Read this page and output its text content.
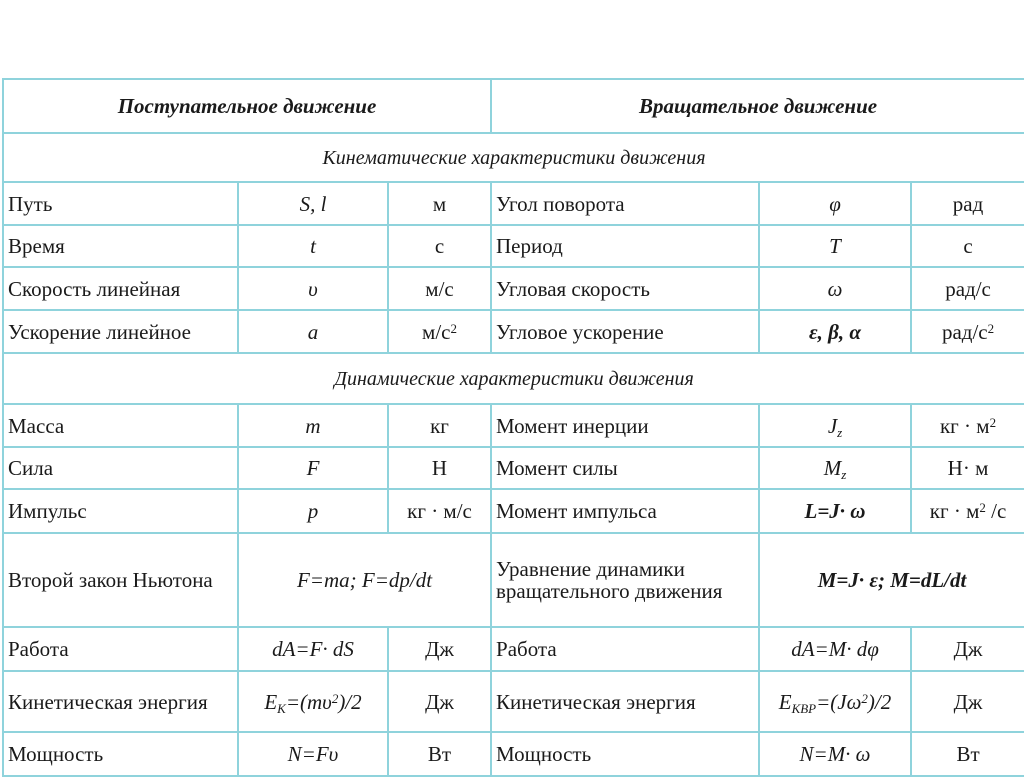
Поступательное движение			Вращательное движение		
Кинематические характеристики движения					
Путь	S, l	м	Угол поворота	φ	рад
Время	t	с	Период	T	с
Скорость линейная	υ	м/с	Угловая скорость	ω	рад/с
Ускорение линейное	a	$м/с^2$	Угловое ускорение	ε, β, α	рад/$с^2$
Динамические характеристики движения					
Масса	m	кг	Момент инерции	$J_z$	кг · $м^2$
Сила	F	Н	Момент силы	$M_z$	Н· м
Импульс	p	кг · м/с	Момент импульса	L=J· ω	кг · $м^2$ /с
Второй закон Ньютона	F=ma; F=dp/dt		Уравнение динамики вращательного движения	M=J· ε; M=dL/dt	
Работа	dA=F· dS	Дж	Работа	dA=M· dφ	Дж
Кинетическая энергия	$E_K=(m\upsilon^2)/2$	Дж	Кинетическая энергия	$E_{КВР}=(J\omega^2)/2$	Дж
Мощность	N=Fυ	Вт	Мощность	N=M· ω	Вт
